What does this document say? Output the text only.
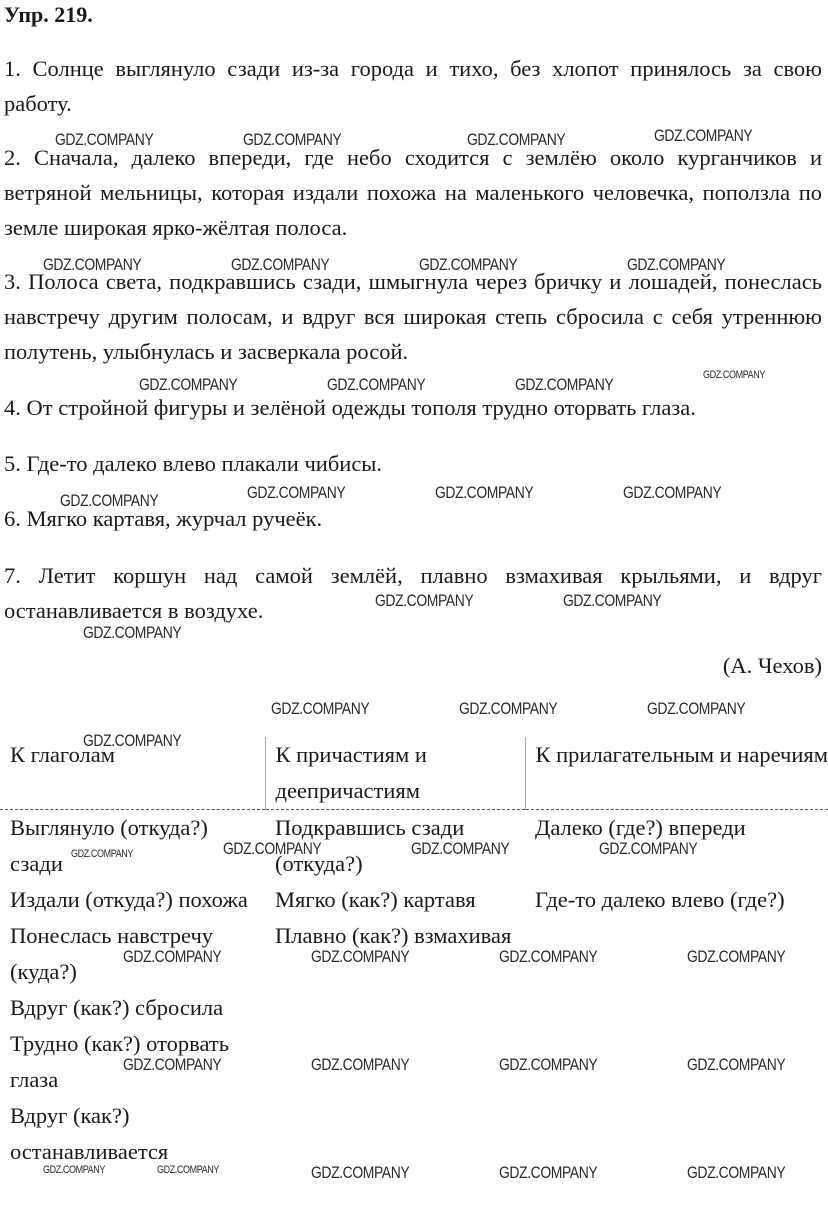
Упр. 219.

1. Солнце выглянуло сзади из-за города и тихо, без хлопот принялось за свою работу.

2. Сначала, далеко впереди, где небо сходится с землёю около курганчиков и ветряной мельницы, которая издали похожа на маленького человечка, поползла по земле широкая ярко-жёлтая полоса.

3. Полоса света, подкравшись сзади, шмыгнула через бричку и лошадей, понеслась навстречу другим полосам, и вдруг вся широкая степь сбросила с себя утреннюю полутень, улыбнулась и засверкала росой.

4. От стройной фигуры и зелёной одежды тополя трудно оторвать глаза.

5. Где-то далеко влево плакали чибисы.

6. Мягко картавя, журчал ручеёк.

7. Летит коршун над самой землёй, плавно взмахивая крыльями, и вдруг останавливается в воздухе.

(А. Чехов)
К глаголам	К причастиям и деепричастиям	К прилагательным и наречиям
Выглянуло (откуда?) сзади	Подкравшись сзади (откуда?)	Далеко (где?) впереди
Издали (откуда?) похожа	Мягко (как?) картавя	Где-то далеко влево (где?)
Понеслась навстречу (куда?)	Плавно (как?) взмахивая	
Вдруг (как?) сбросила		
Трудно (как?) оторвать глаза		
Вдруг (как?) останавливается		
GDZ.COMPANY	GDZ.COMPANY	GDZ.COMPANY	GDZ.COMPANY
GDZ.COMPANY	GDZ.COMPANY	GDZ.COMPANY	GDZ.COMPANY
GDZ.COMPANY	GDZ.COMPANY	GDZ.COMPANY	GDZ.COMPANY
GDZ.COMPANY	GDZ.COMPANY	GDZ.COMPANY	GDZ.COMPANY
GDZ.COMPANY	GDZ.COMPANY
GDZ.COMPANY
GDZ.COMPANY	GDZ.COMPANY	GDZ.COMPANY
GDZ.COMPANY
GDZ.COMPANY	GDZ.COMPANY	GDZ.COMPANY	GDZ.COMPANY
GDZ.COMPANY	GDZ.COMPANY	GDZ.COMPANY	GDZ.COMPANY
GDZ.COMPANY	GDZ.COMPANY	GDZ.COMPANY	GDZ.COMPANY
GDZ.COMPANY	GDZ.COMPANY	GDZ.COMPANY	GDZ.COMPANY	GDZ.COMPANY
